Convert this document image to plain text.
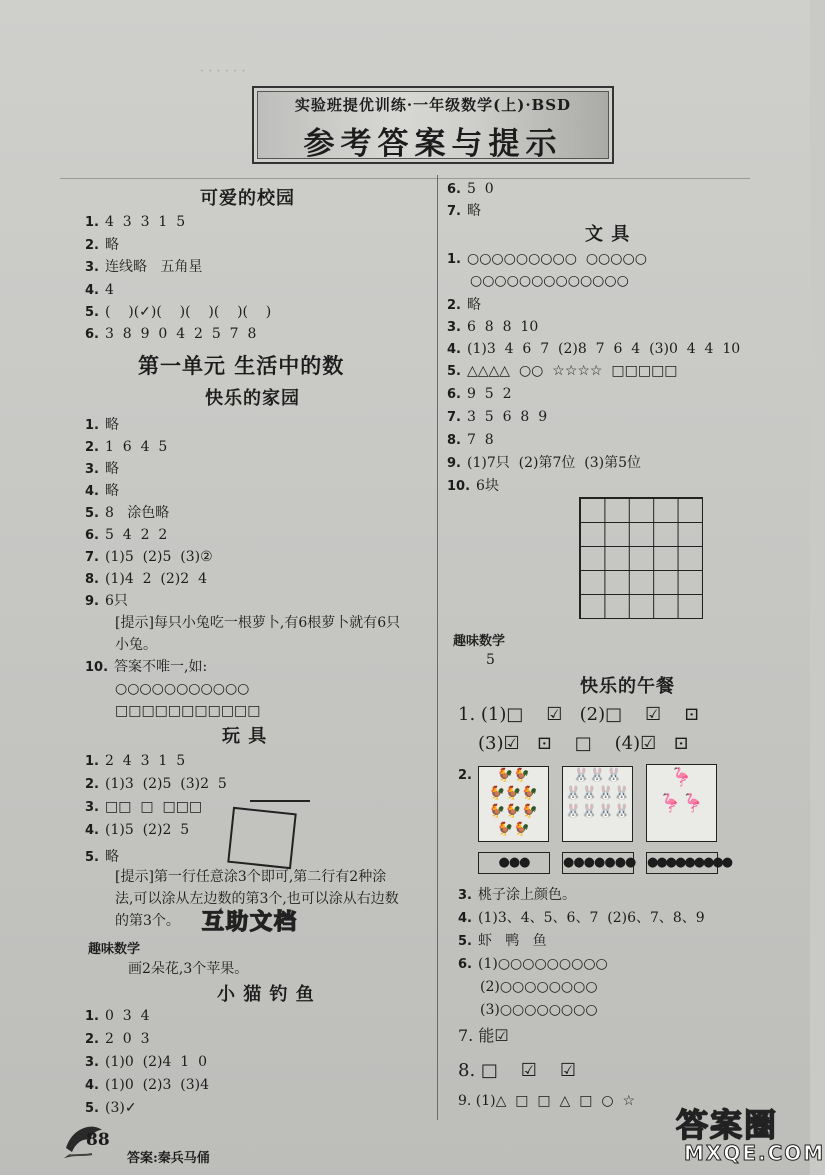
· · · · · ·
实验班提优训练·一年级数学(上)·BSD
参考答案与提示
可爱的校园
1. 4  3  3  1  5
2. 略
3. 连线略   五角星
4. 4
5. (    )(✓)(    )(    )(    )(    )
6. 3  8  9  0  4  2  5  7  8
第一单元 生活中的数
快乐的家园
1. 略
2. 1  6  4  5
3. 略
4. 略
5. 8   涂色略
6. 5  4  2  2
7. (1)5  (2)5  (3)②
8. (1)4  2  (2)2  4
9. 6只
[提示]每只小兔吃一根萝卜,有6根萝卜就有6只
小兔。
10. 答案不唯一,如:
○○○○○○○○○○○
□□□□□□□□□□□
玩 具
1. 2  4  3  1  5
2. (1)3  (2)5  (3)2  5
3. □□  □  □□□
4. (1)5  (2)2  5
5. 略
[提示]第一行任意涂3个即可,第二行有2种涂
法,可以涂从左边数的第3个,也可以涂从右边数
的第3个。 互助文档
趣味数学
画2朵花,3个苹果。
小 猫 钓 鱼
1. 0  3  4
2. 2  0  3
3. (1)0  (2)4  1  0
4. (1)0  (2)3  (3)4
5. (3)✓
6. 5  0
7. 略
文 具
1. ○○○○○○○○○  ○○○○○
○○○○○○○○○○○○○
2. 略
3. 6  8  8  10
4. (1)3  4  6  7  (2)8  7  6  4  (3)0  4  4  10
5. △△△△  ○○  ☆☆☆☆  □□□□□
6. 9  5  2
7. 3  5  6  8  9
8. 7  8
9. (1)7只  (2)第7位  (3)第5位
10. 6块
趣味数学
5
快乐的午餐
1. (1)□    ☑   (2)□    ☑    ⊡
(3)☑   ⊡    □    (4)☑   ⊡
2.	🐓🐓
🐓🐓🐓
🐓🐓🐓
🐓🐓
🐰🐰🐰
🐰🐰🐰🐰
🐰🐰🐰🐰
🦩
🦩🦩
●●●	●●●●●●● ●●●●●●●●●
3. 桃子涂上颜色。
4. (1)3、4、5、6、7  (2)6、7、8、9
5. 虾   鸭   鱼
6. (1)○○○○○○○○○
(2)○○○○○○○○
(3)○○○○○○○○
7. 能☑
8. □    ☑    ☑
9. (1)△  □  □  △  □  ○  ☆
答案圈
MXQE.COM
88
答案:秦兵马俑
